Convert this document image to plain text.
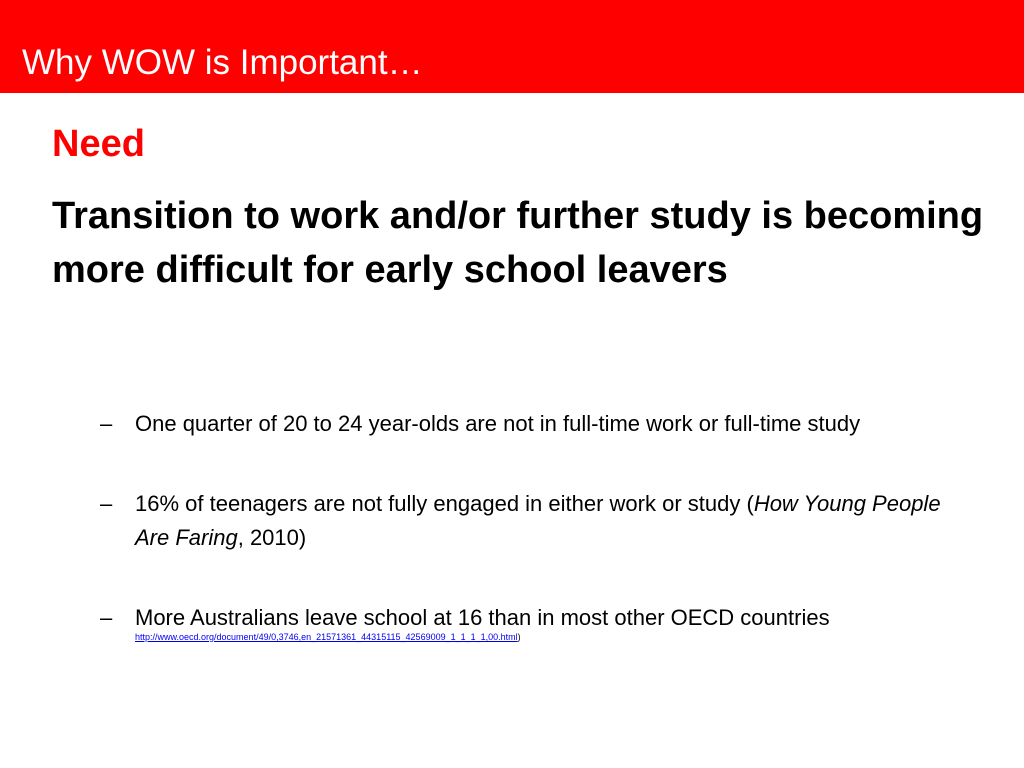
Why WOW is Important…
Need
Transition to work and/or further study is becoming more difficult for early school leavers
– One quarter of 20 to 24 year-olds are not in full-time work or full-time study
– 16% of teenagers are not fully engaged in either work or study (How Young People Are Faring, 2010)
– More Australians leave school at 16 than in most other OECD countries
http://www.oecd.org/document/49/0,3746,en_21571361_44315115_42569009_1_1_1_1,00.html)
